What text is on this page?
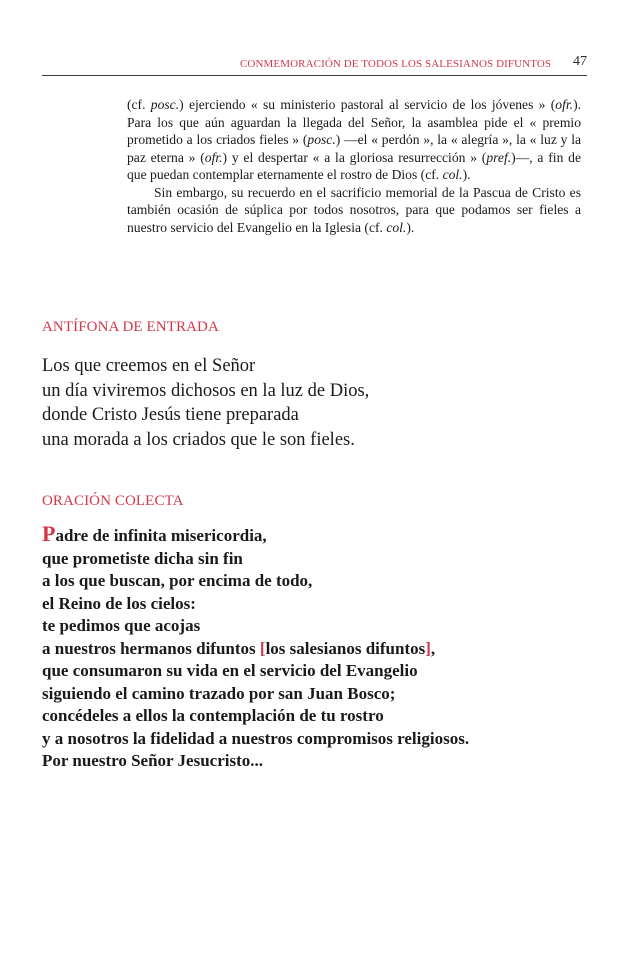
CONMEMORACIÓN DE TODOS LOS SALESIANOS DIFUNTOS 47

(cf. posc.) ejerciendo « su ministerio pastoral al servicio de los jóvenes » (ofr.). Para los que aún aguardan la llegada del Señor, la asamblea pide el « premio prometido a los criados fieles » (posc.) —el « perdón », la « alegría », la « luz y la paz eterna » (ofr.) y el despertar « a la gloriosa resurrección » (pref.)—, a fin de que puedan contemplar eternamente el rostro de Dios (cf. col.).

Sin embargo, su recuerdo en el sacrificio memorial de la Pascua de Cristo es también ocasión de súplica por todos nosotros, para que podamos ser fieles a nuestro servicio del Evangelio en la Iglesia (cf. col.).

ANTÍFONA DE ENTRADA
Los que creemos en el Señor
un día viviremos dichosos en la luz de Dios,
donde Cristo Jesús tiene preparada
una morada a los criados que le son fieles.
ORACIÓN COLECTA
Padre de infinita misericordia,
que prometiste dicha sin fin
a los que buscan, por encima de todo,
el Reino de los cielos:
te pedimos que acojas
a nuestros hermanos difuntos [los salesianos difuntos],
que consumaron su vida en el servicio del Evangelio
siguiendo el camino trazado por san Juan Bosco;
concédeles a ellos la contemplación de tu rostro
y a nosotros la fidelidad a nuestros compromisos religiosos.
Por nuestro Señor Jesucristo...
